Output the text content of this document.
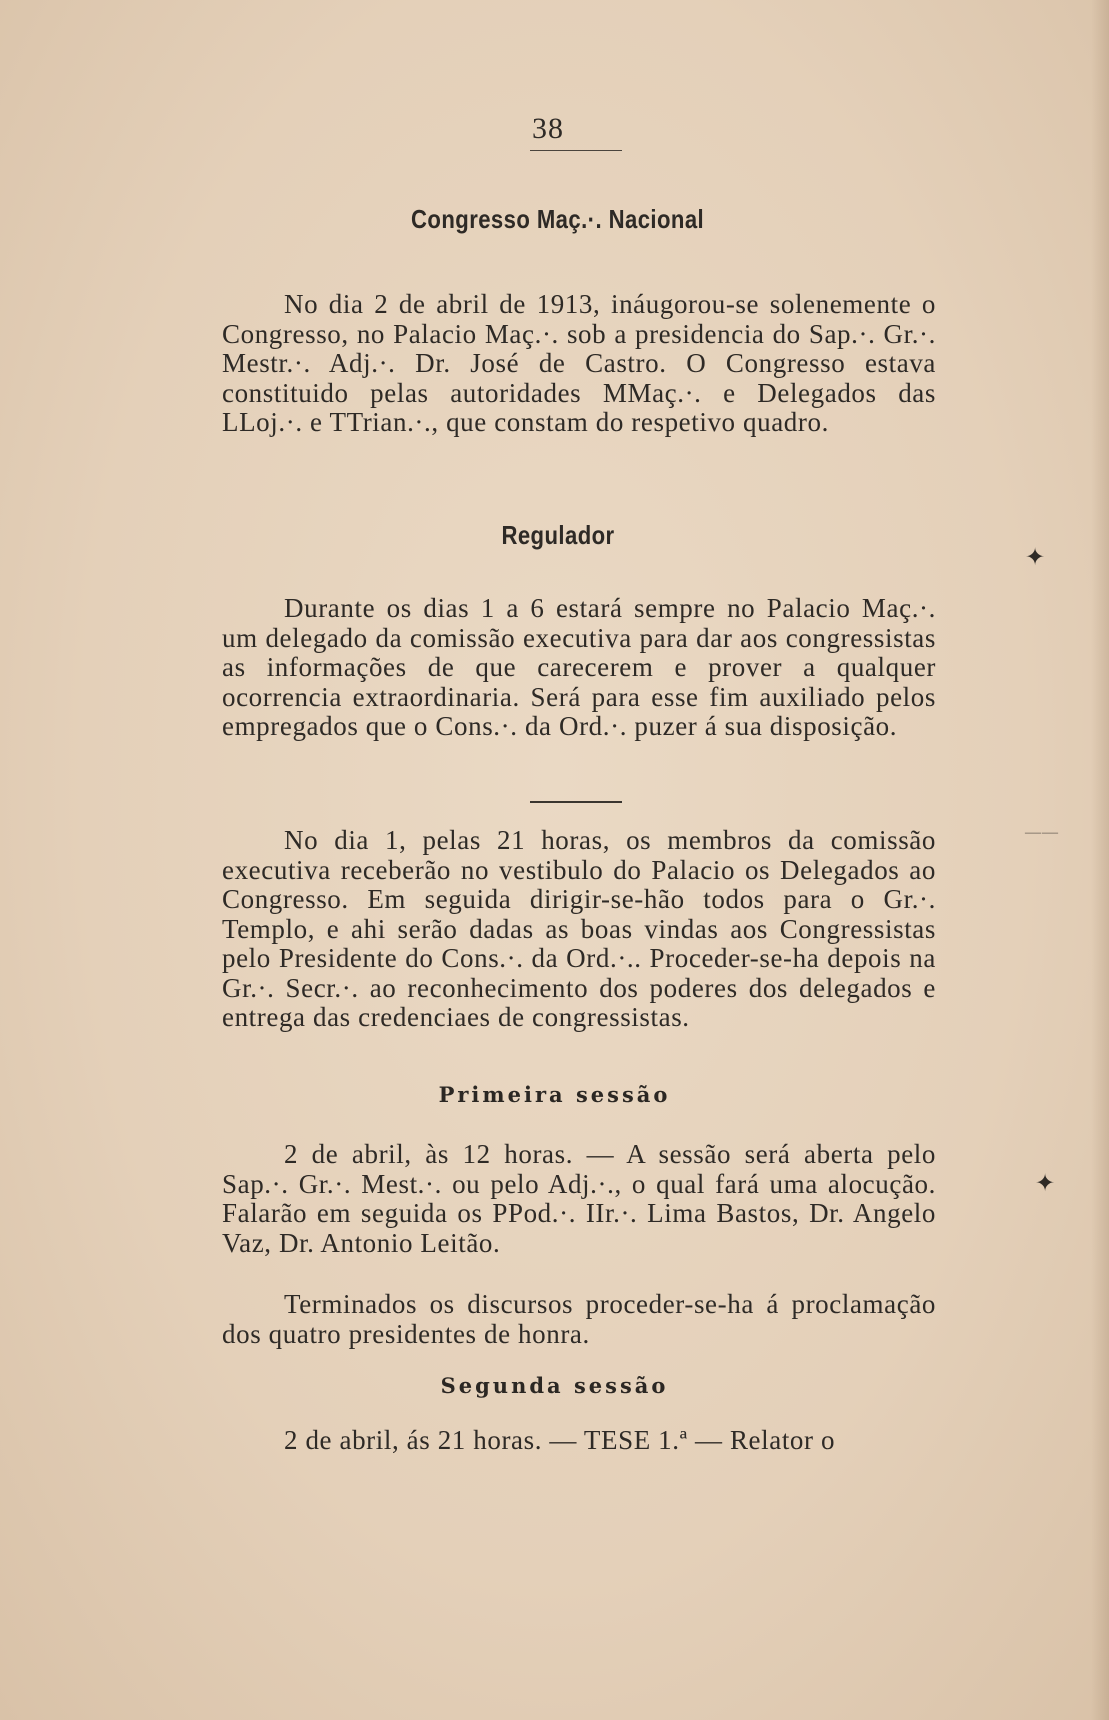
38
Congresso Maç.·. Nacional
No dia 2 de abril de 1913, ináugorou-se solenemente o Congresso, no Palacio Maç.·. sob a presidencia do Sap.·. Gr.·. Mestr.·. Adj.·. Dr. José de Castro. O Congresso estava constituido pelas autoridades MMaç.·. e Delegados das LLoj.·. e TTrian.·., que constam do respetivo quadro.
Regulador
Durante os dias 1 a 6 estará sempre no Palacio Maç.·. um delegado da comissão executiva para dar aos congressistas as informações de que carecerem e prover a qualquer ocorrencia extraordinaria. Será para esse fim auxiliado pelos empregados que o Cons.·. da Ord.·. puzer á sua disposição.
No dia 1, pelas 21 horas, os membros da comissão executiva receberão no vestibulo do Palacio os Delegados ao Congresso. Em seguida dirigir-se-hão todos para o Gr.·. Templo, e ahi serão dadas as boas vindas aos Congressistas pelo Presidente do Cons.·. da Ord.·.. Proceder-se-ha depois na Gr.·. Secr.·. ao reconhecimento dos poderes dos delegados e entrega das credenciaes de congressistas.
Primeira sessão
2 de abril, às 12 horas. — A sessão será aberta pelo Sap.·. Gr.·. Mest.·. ou pelo Adj.·., o qual fará uma alocução. Falarão em seguida os PPod.·. IIr.·. Lima Bastos, Dr. Angelo Vaz, Dr. Antonio Leitão.
Terminados os discursos proceder-se-ha á proclamação dos quatro presidentes de honra.
Segunda sessão
2 de abril, ás 21 horas. — TESE 1.ª — Relator o
✦
✦
——
